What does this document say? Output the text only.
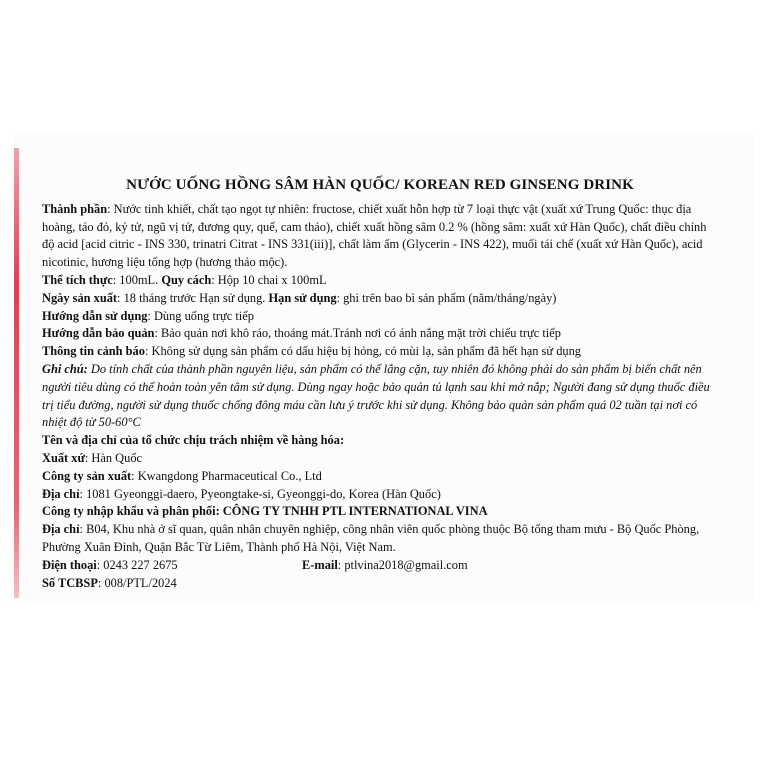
NƯỚC UỐNG HỒNG SÂM HÀN QUỐC/ KOREAN RED GINSENG DRINK

Thành phần: Nước tinh khiết, chất tạo ngọt tự nhiên: fructose, chiết xuất hỗn hợp từ 7 loại thực vật (xuất xứ Trung Quốc: thục địa hoàng, táo đỏ, kỷ tử, ngũ vị tử, đương quy, quế, cam thảo), chiết xuất hồng sâm 0.2 % (hồng sâm: xuất xứ Hàn Quốc), chất điều chỉnh độ acid [acid citric - INS 330, trinatri Citrat - INS 331(iii)], chất làm ẩm (Glycerin - INS 422), muối tái chế (xuất xứ Hàn Quốc), acid nicotinic, hương liệu tổng hợp (hương thảo mộc).

Thể tích thực: 100mL. Quy cách: Hộp 10 chai x 100mL

Ngày sản xuất: 18 tháng trước Hạn sử dụng. Hạn sử dụng: ghi trên bao bì sản phẩm (năm/tháng/ngày)

Hướng dẫn sử dụng: Dùng uống trực tiếp

Hướng dẫn bảo quản: Bảo quản nơi khô ráo, thoáng mát.Tránh nơi có ánh nắng mặt trời chiếu trực tiếp

Thông tin cảnh báo: Không sử dụng sản phẩm có dấu hiệu bị hỏng, có mùi lạ, sản phẩm đã hết hạn sử dụng

Ghi chú: Do tính chất của thành phần nguyên liệu, sản phẩm có thể lắng cặn, tuy nhiên đó không phải do sản phẩm bị biến chất nên người tiêu dùng có thể hoàn toàn yên tâm sử dụng. Dùng ngay hoặc bảo quản tủ lạnh sau khi mở nắp; Người đang sử dụng thuốc điều trị tiểu đường, người sử dụng thuốc chống đông máu cần lưu ý trước khi sử dụng. Không bảo quản sản phẩm quá 02 tuần tại nơi có nhiệt độ từ 50-60°C

Tên và địa chỉ của tổ chức chịu trách nhiệm về hàng hóa:

Xuất xứ: Hàn Quốc

Công ty sản xuất: Kwangdong Pharmaceutical Co., Ltd

Địa chỉ: 1081 Gyeonggi-daero, Pyeongtake-si, Gyeonggi-do, Korea (Hàn Quốc)

Công ty nhập khẩu và phân phối: CÔNG TY TNHH PTL INTERNATIONAL VINA

Địa chỉ: B04, Khu nhà ở sĩ quan, quân nhân chuyên nghiệp, công nhân viên quốc phòng thuộc Bộ tổng tham mưu - Bộ Quốc Phòng, Phường Xuân Đỉnh, Quận Bắc Từ Liêm, Thành phố Hà Nội, Việt Nam.

Điện thoại: 0243 227 2675	E-mail: ptlvina2018@gmail.com

Số TCBSP: 008/PTL/2024
